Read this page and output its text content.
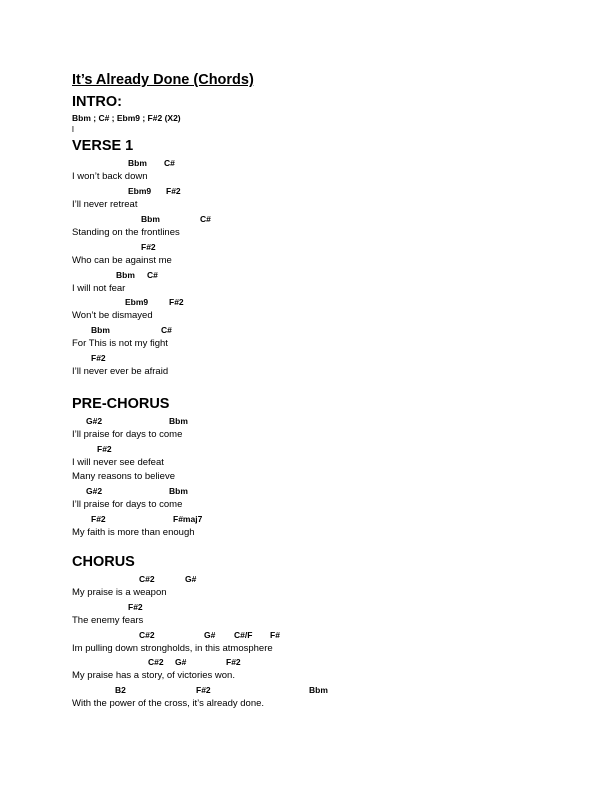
It’s Already Done (Chords)
INTRO:
Bbm ; C# ; Ebm9 ; F#2 (X2)
l
VERSE 1
Bbm C#
I won’t back down
Ebm9 F#2
I’ll never retreat
Bbm	C#
Standing on the frontlines
F#2
Who can be against me
Bbm C#
I will not fear
Ebm9 F#2
Won’t be dismayed
Bbm	C#
For This is not my fight
F#2
I’ll never ever be afraid
PRE-CHORUS
G#2	Bbm
I’ll praise for days to come
F#2
I will never see defeat
Many reasons to believe
G#2	Bbm
I’ll praise for days to come
F#2	F#maj7
My faith is more than enough
CHORUS
C#2	G#
My praise is a weapon
F#2
The enemy fears
C#2	G# C#/F F#
Im pulling down strongholds, in this atmosphere
C#2 G#	F#2
My praise has a story, of victories won.
B2	F#2	Bbm
With the power of the cross, it’s already done.
